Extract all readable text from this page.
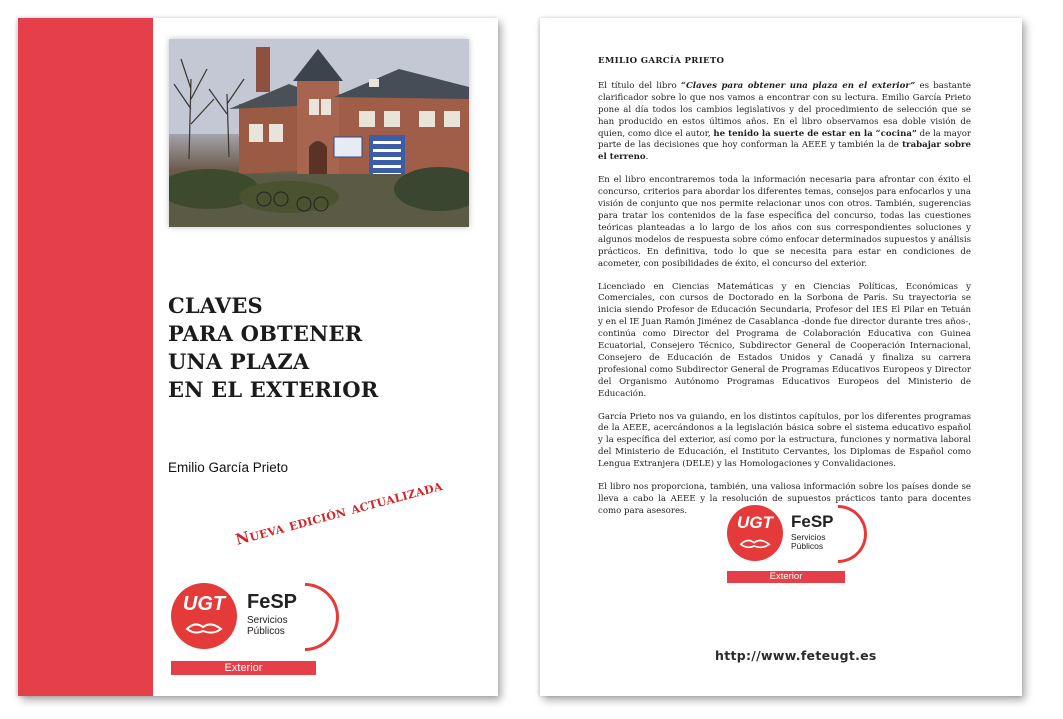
CLAVES
PARA OBTENER
UNA PLAZA
EN EL EXTERIOR
Emilio García Prieto
Nueva edición actualizada
UGT	FeSP
Servicios
Públicos
Exterior
EMILIO GARCÍA PRIETO

El título del libro “Claves para obtener una plaza en el exterior” es bastante clarificador sobre lo que nos vamos a encontrar con su lectura. Emilio García Prieto pone al día todos los cambios legislativos y del procedimiento de selección que se han producido en estos últimos años. En el libro observamos esa doble visión de quien, como dice el autor, he tenido la suerte de estar en la “cocina” de la mayor parte de las decisiones que hoy conforman la AEEE y también la de trabajar sobre el terreno.

En el libro encontraremos toda la información necesaria para afrontar con éxito el concurso, criterios para abordar los diferentes temas, consejos para enfocarlos y una visión de conjunto que nos permite relacionar unos con otros. También, sugerencias para tratar los contenidos de la fase específica del concurso, todas las cuestiones teóricas planteadas a lo largo de los años con sus correspondientes soluciones y algunos modelos de respuesta sobre cómo enfocar determinados supuestos y análisis prácticos. En definitiva, todo lo que se necesita para estar en condiciones de acometer, con posibilidades de éxito, el concurso del exterior.

Licenciado en Ciencias Matemáticas y en Ciencias Políticas, Económicas y Comerciales, con cursos de Doctorado en la Sorbona de París. Su trayectoria se inicia siendo Profesor de Educación Secundaria, Profesor del IES El Pilar en Tetuán y en el IE Juan Ramón Jiménez de Casablanca -donde fue director durante tres años-, continúa como Director del Programa de Colaboración Educativa con Guinea Ecuatorial, Consejero Técnico, Subdirector General de Cooperación Internacional, Consejero de Educación de Estados Unidos y Canadá y finaliza su carrera profesional como Subdirector General de Programas Educativos Europeos y Director del Organismo Autónomo Programas Educativos Europeos del Ministerio de Educación.

García Prieto nos va guiando, en los distintos capítulos, por los diferentes programas de la AEEE, acercándonos a la legislación básica sobre el sistema educativo español y la específica del exterior, así como por la estructura, funciones y normativa laboral del Ministerio de Educación, el Instituto Cervantes, los Diplomas de Español como Lengua Extranjera (DELE) y las Homologaciones y Convalidaciones.

El libro nos proporciona, también, una valiosa información sobre los países donde se lleva a cabo la AEEE y la resolución de supuestos prácticos tanto para docentes como para asesores.

UGT	FeSP
Servicios
Públicos
Exterior
http://www.feteugt.es
